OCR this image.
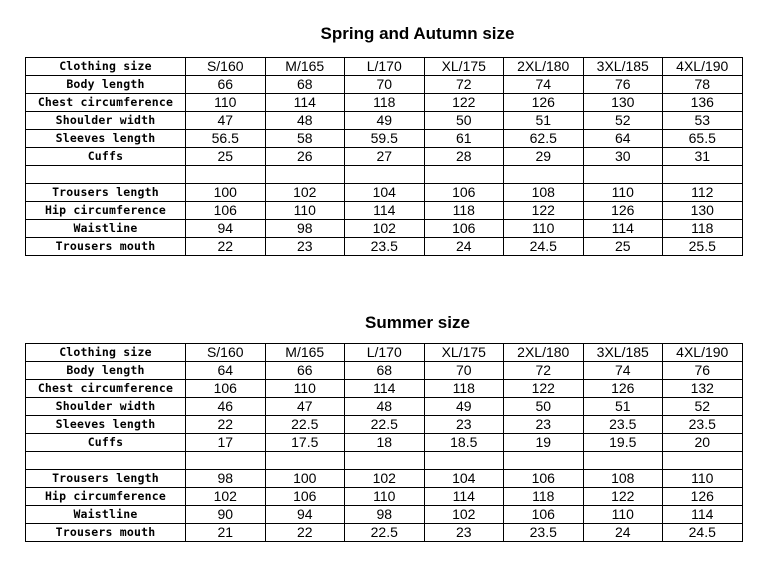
Spring and Autumn size
Clothing size	S/160	M/165	L/170	XL/175	2XL/180	3XL/185	4XL/190
Body length	66	68	70	72	74	76	78
Chest circumference	110	114	118	122	126	130	136
Shoulder width	47	48	49	50	51	52	53
Sleeves length	56.5	58	59.5	61	62.5	64	65.5
Cuffs	25	26	27	28	29	30	31

Trousers length	100	102	104	106	108	110	112
Hip circumference	106	110	114	118	122	126	130
Waistline	94	98	102	106	110	114	118
Trousers mouth	22	23	23.5	24	24.5	25	25.5
Summer size
Clothing size	S/160	M/165	L/170	XL/175	2XL/180	3XL/185	4XL/190
Body length	64	66	68	70	72	74	76
Chest circumference	106	110	114	118	122	126	132
Shoulder width	46	47	48	49	50	51	52
Sleeves length	22	22.5	22.5	23	23	23.5	23.5
Cuffs	17	17.5	18	18.5	19	19.5	20

Trousers length	98	100	102	104	106	108	110
Hip circumference	102	106	110	114	118	122	126
Waistline	90	94	98	102	106	110	114
Trousers mouth	21	22	22.5	23	23.5	24	24.5
